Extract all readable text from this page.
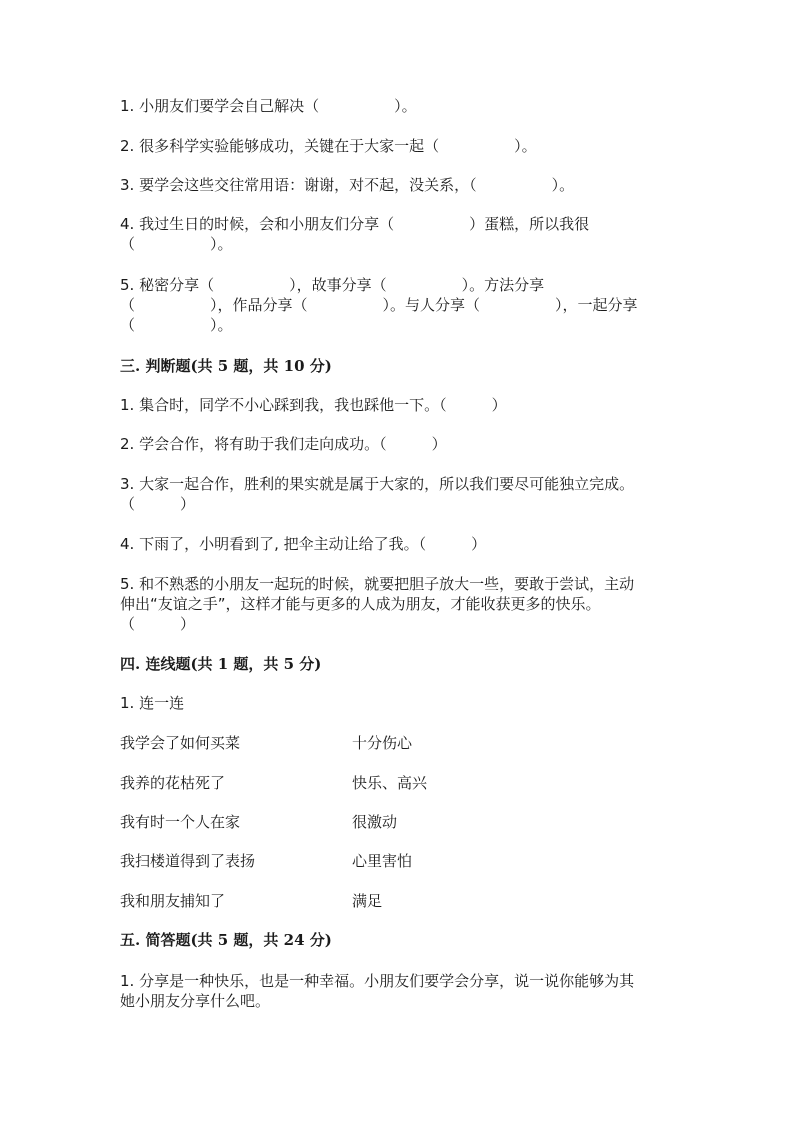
1. 小朋友们要学会自己解决（　　　　　）。
2. 很多科学实验能够成功，关键在于大家一起（　　　　　）。
3. 要学会这些交往常用语：谢谢，对不起，没关系，（　　　　　）。
4. 我过生日的时候，会和小朋友们分享（　　　　　）蛋糕，所以我很
（　　　　　）。
5. 秘密分享（　　　　　），故事分享（　　　　　）。方法分享
（　　　　　），作品分享（　　　　　）。与人分享（　　　　　），一起分享
（　　　　　）。
三. 判断题(共 5 题，共 10 分)
1. 集合时，同学不小心踩到我，我也踩他一下。（　　　）
2. 学会合作，将有助于我们走向成功。（　　　）
3. 大家一起合作，胜利的果实就是属于大家的，所以我们要尽可能独立完成。
（　　　）
4. 下雨了，小明看到了, 把伞主动让给了我。（　　　）
5. 和不熟悉的小朋友一起玩的时候，就要把胆子放大一些，要敢于尝试，主动
伸出“友谊之手”，这样才能与更多的人成为朋友，才能收获更多的快乐。
（　　　）
四. 连线题(共 1 题，共 5 分)
1. 连一连
我学会了如何买菜	十分伤心
我养的花枯死了	快乐、高兴
我有时一个人在家	很激动
我扫楼道得到了表扬	心里害怕
我和朋友捕知了	满足
五. 简答题(共 5 题，共 24 分)
1. 分享是一种快乐，也是一种幸福。小朋友们要学会分享，说一说你能够为其
她小朋友分享什么吧。
